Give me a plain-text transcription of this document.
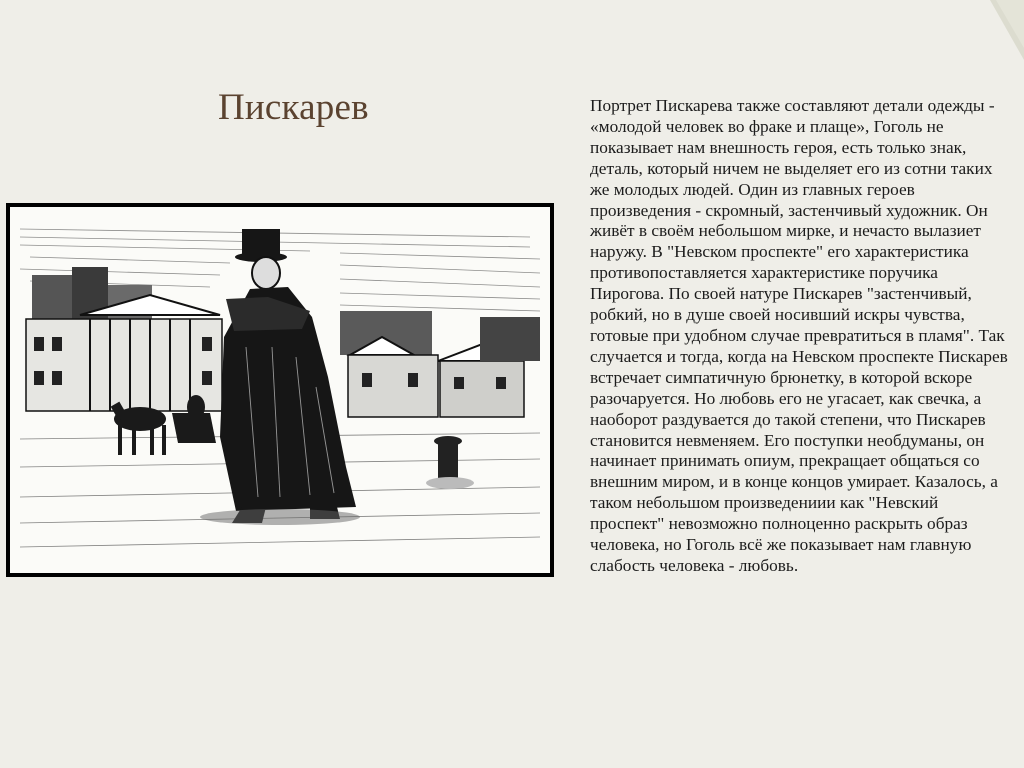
Пискарев	Портрет Пискарева также составляют детали одежды - «молодой человек во фраке и плаще», Гоголь не показывает нам внешность героя, есть только знак, деталь, который ничем не выделяет его из сотни таких же молодых людей. Один из главных героев произведения - скромный, застенчивый художник. Он живёт в своём небольшом мирке, и нечасто вылазиет наружу. В "Невском проспекте" его характеристика противопоставляется характеристике поручика Пирогова. По своей натуре Пискарев "застенчивый, робкий, но в душе своей носивший искры чувства, готовые при удобном случае превратиться в пламя". Так случается и тогда, когда на Невском проспекте Пискарев встречает симпатичную брюнетку, в которой вскоре разочаруется. Но любовь его не угасает, как свечка, а наоборот раздувается до такой степени, что Пискарев становится невменяем. Его поступки необдуманы, он начинает принимать опиум, прекращает общаться со внешним миром, и в конце концов умирает. Казалось, а таком небольшом произведениии как "Невский проспект" невозможно полноценно раскрыть образ человека, но Гоголь всё же показывает нам главную слабость человека - любовь.
